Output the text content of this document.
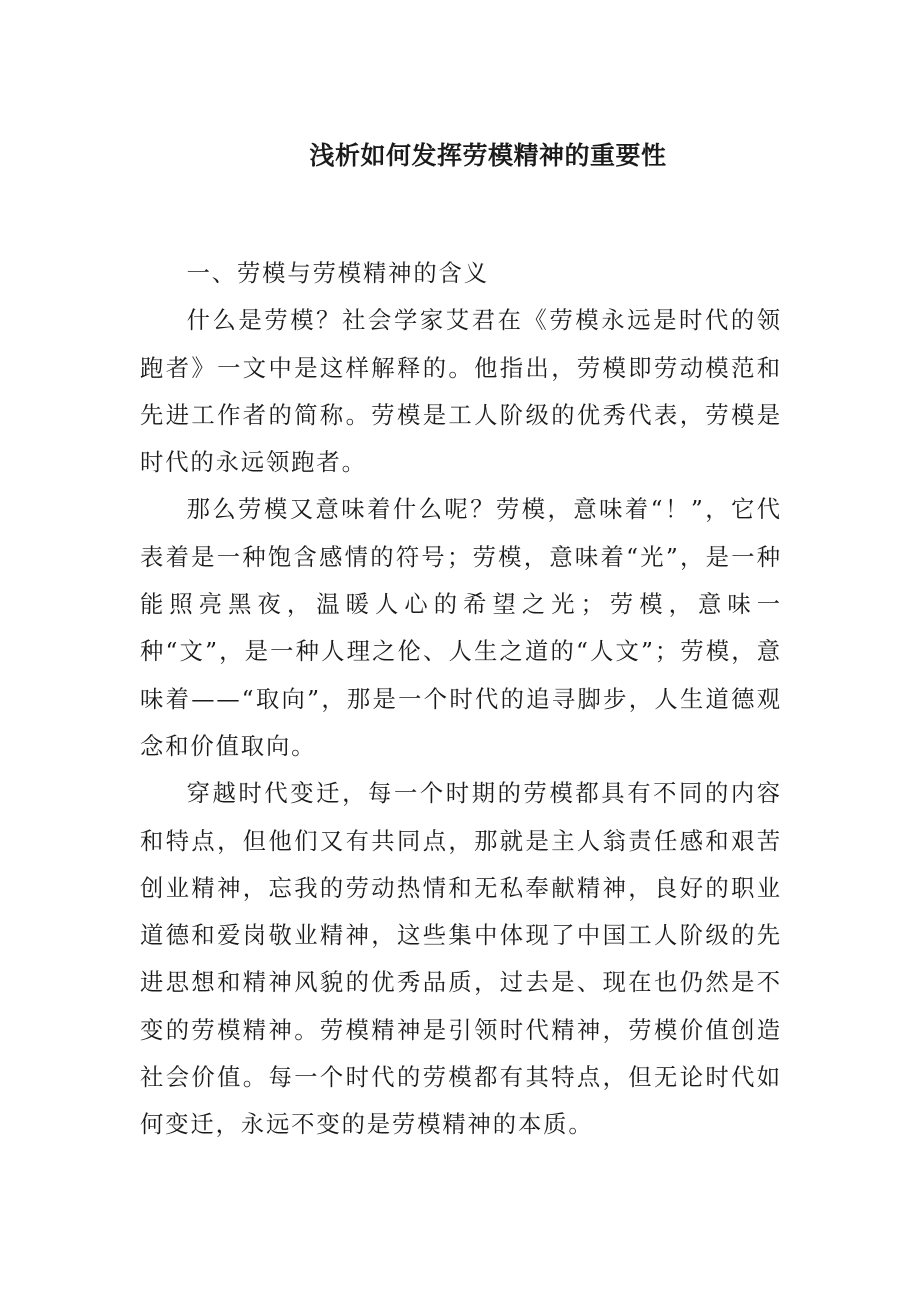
浅析如何发挥劳模精神的重要性

一、劳模与劳模精神的含义

什么是劳模？社会学家艾君在《劳模永远是时代的领跑者》一文中是这样解释的。他指出，劳模即劳动模范和先进工作者的简称。劳模是工人阶级的优秀代表，劳模是时代的永远领跑者。

那么劳模又意味着什么呢？劳模，意味着“！”，它代表着是一种饱含感情的符号；劳模，意味着“光”，是一种能照亮黑夜，温暖人心的希望之光；劳模，意味一种“文”，是一种人理之伦、人生之道的“人文”；劳模，意味着——“取向”，那是一个时代的追寻脚步，人生道德观念和价值取向。

穿越时代变迁，每一个时期的劳模都具有不同的内容和特点，但他们又有共同点，那就是主人翁责任感和艰苦创业精神，忘我的劳动热情和无私奉献精神，良好的职业道德和爱岗敬业精神，这些集中体现了中国工人阶级的先进思想和精神风貌的优秀品质，过去是、现在也仍然是不变的劳模精神。劳模精神是引领时代精神，劳模价值创造社会价值。每一个时代的劳模都有其特点，但无论时代如何变迁，永远不变的是劳模精神的本质。
